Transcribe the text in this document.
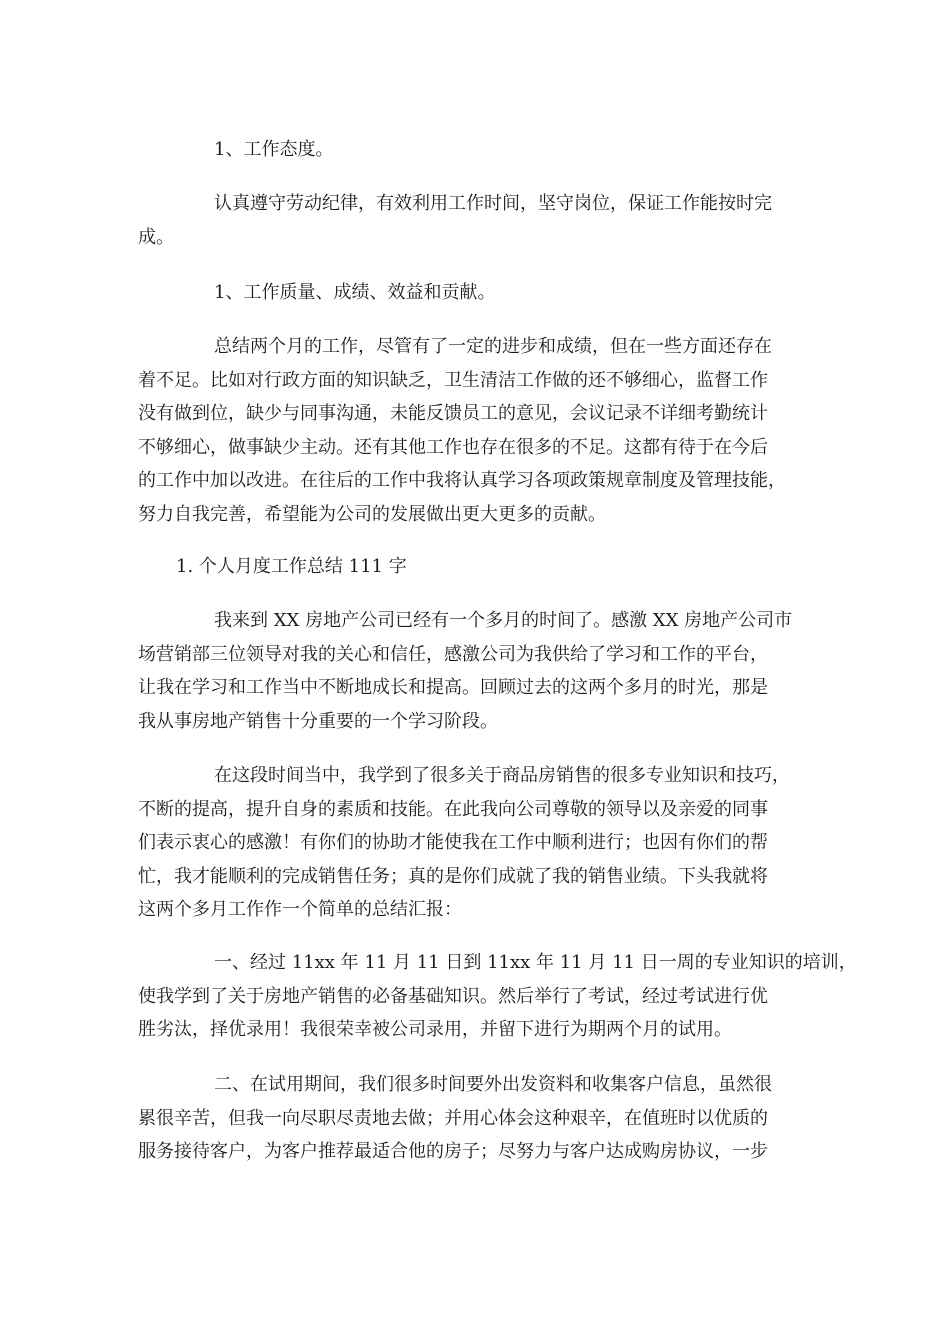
1、工作态度。
认真遵守劳动纪律，有效利用工作时间，坚守岗位，保证工作能按时完
成。
1、工作质量、成绩、效益和贡献。
总结两个月的工作，尽管有了一定的进步和成绩，但在一些方面还存在
着不足。比如对行政方面的知识缺乏，卫生清洁工作做的还不够细心，监督工作
没有做到位，缺少与同事沟通，未能反馈员工的意见，会议记录不详细考勤统计
不够细心，做事缺少主动。还有其他工作也存在很多的不足。这都有待于在今后
的工作中加以改进。在往后的工作中我将认真学习各项政策规章制度及管理技能，
努力自我完善，希望能为公司的发展做出更大更多的贡献。
1. 个人月度工作总结 111 字
我来到 XX 房地产公司已经有一个多月的时间了。感激 XX 房地产公司市
场营销部三位领导对我的关心和信任，感激公司为我供给了学习和工作的平台，
让我在学习和工作当中不断地成长和提高。回顾过去的这两个多月的时光，那是
我从事房地产销售十分重要的一个学习阶段。
在这段时间当中，我学到了很多关于商品房销售的很多专业知识和技巧，
不断的提高，提升自身的素质和技能。在此我向公司尊敬的领导以及亲爱的同事
们表示衷心的感激！有你们的协助才能使我在工作中顺利进行；也因有你们的帮
忙，我才能顺利的完成销售任务；真的是你们成就了我的销售业绩。下头我就将
这两个多月工作作一个简单的总结汇报：
一、经过 11xx 年 11 月 11 日到 11xx 年 11 月 11 日一周的专业知识的培训，
使我学到了关于房地产销售的必备基础知识。然后举行了考试，经过考试进行优
胜劣汰，择优录用！我很荣幸被公司录用，并留下进行为期两个月的试用。
二、在试用期间，我们很多时间要外出发资料和收集客户信息，虽然很
累很辛苦，但我一向尽职尽责地去做；并用心体会这种艰辛，在值班时以优质的
服务接待客户，为客户推荐最适合他的房子；尽努力与客户达成购房协议，一步
